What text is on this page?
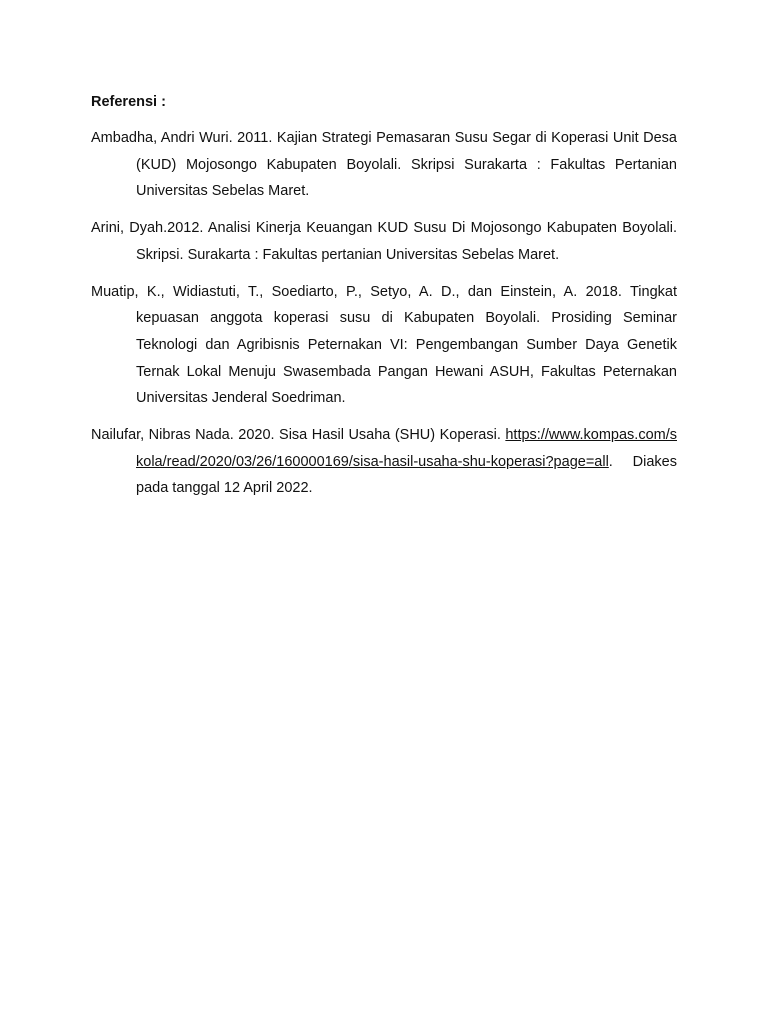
Referensi :

Ambadha, Andri Wuri. 2011. Kajian Strategi Pemasaran Susu Segar di Koperasi Unit Desa (KUD) Mojosongo Kabupaten Boyolali. Skripsi Surakarta : Fakultas Pertanian Universitas Sebelas Maret.

Arini, Dyah.2012. Analisi Kinerja Keuangan KUD Susu Di Mojosongo Kabupaten Boyolali. Skripsi. Surakarta : Fakultas pertanian Universitas Sebelas Maret.

Muatip, K., Widiastuti, T., Soediarto, P., Setyo, A. D., dan Einstein, A. 2018. Tingkat kepuasan anggota koperasi susu di Kabupaten Boyolali. Prosiding Seminar Teknologi dan Agribisnis Peternakan VI: Pengembangan Sumber Daya Genetik Ternak Lokal Menuju Swasembada Pangan Hewani ASUH, Fakultas Peternakan Universitas Jenderal Soedriman.

Nailufar, Nibras Nada. 2020. Sisa Hasil Usaha (SHU) Koperasi. https://www.kompas.com/skola/read/2020/03/26/160000169/sisa-hasil-usaha-shu-koperasi?page=all. Diakes pada tanggal 12 April 2022.
